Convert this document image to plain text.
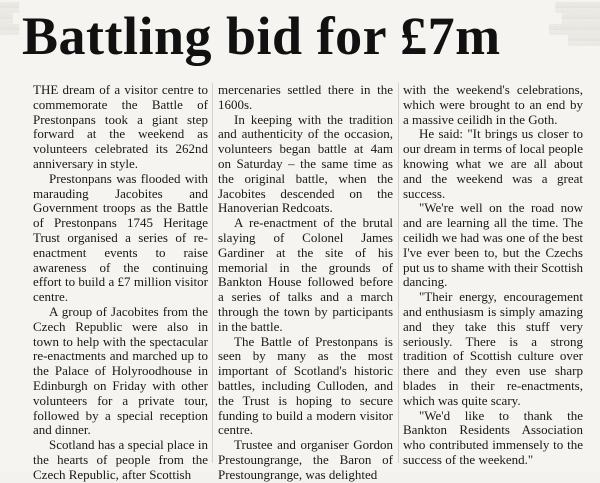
▒▒▒
▒▒
▒▒▒
▒▒▒▒▒▒▒
▒▒▒▒▒▒
▒▒▒▒▒▒▒▒
▒▒▒▒▒
Battling bid for £7m

THE dream of a visitor centre to commemorate the Battle of Prestonpans took a giant step forward at the weekend as volunteers celebrated its 262nd anniversary in style.

Prestonpans was flooded with marauding Jacobites and Government troops as the Battle of Prestonpans 1745 Heritage Trust organised a series of re-enactment events to raise awareness of the continuing effort to build a £7 million visitor centre.

A group of Jacobites from the Czech Republic were also in town to help with the spectacular re-enactments and marched up to the Palace of Holyroodhouse in Edinburgh on Friday with other volunteers for a private tour, followed by a special reception and dinner.

Scotland has a special place in the hearts of people from the Czech Republic, after Scottish

mercenaries settled there in the 1600s.

In keeping with the tradition and authenticity of the occasion, volunteers began battle at 4am on Saturday – the same time as the original battle, when the Jacobites descended on the Hanoverian Redcoats.

A re-enactment of the brutal slaying of Colonel James Gardiner at the site of his memorial in the grounds of Bankton House followed before a series of talks and a march through the town by participants in the battle.

The Battle of Prestonpans is seen by many as the most important of Scotland's historic battles, including Culloden, and the Trust is hoping to secure funding to build a modern visitor centre.

Trustee and organiser Gordon Prestoungrange, the Baron of Prestoungrange, was delighted

with the weekend's celebrations, which were brought to an end by a massive ceilidh in the Goth.

He said: "It brings us closer to our dream in terms of local people knowing what we are all about and the weekend was a great success.

"We're well on the road now and are learning all the time. The ceilidh we had was one of the best I've ever been to, but the Czechs put us to shame with their Scottish dancing.

"Their energy, encouragement and enthusiasm is simply amazing and they take this stuff very seriously. There is a strong tradition of Scottish culture over there and they even use sharp blades in their re-enactments, which was quite scary.

"We'd like to thank the Bankton Residents Association who contributed immensely to the success of the weekend."
